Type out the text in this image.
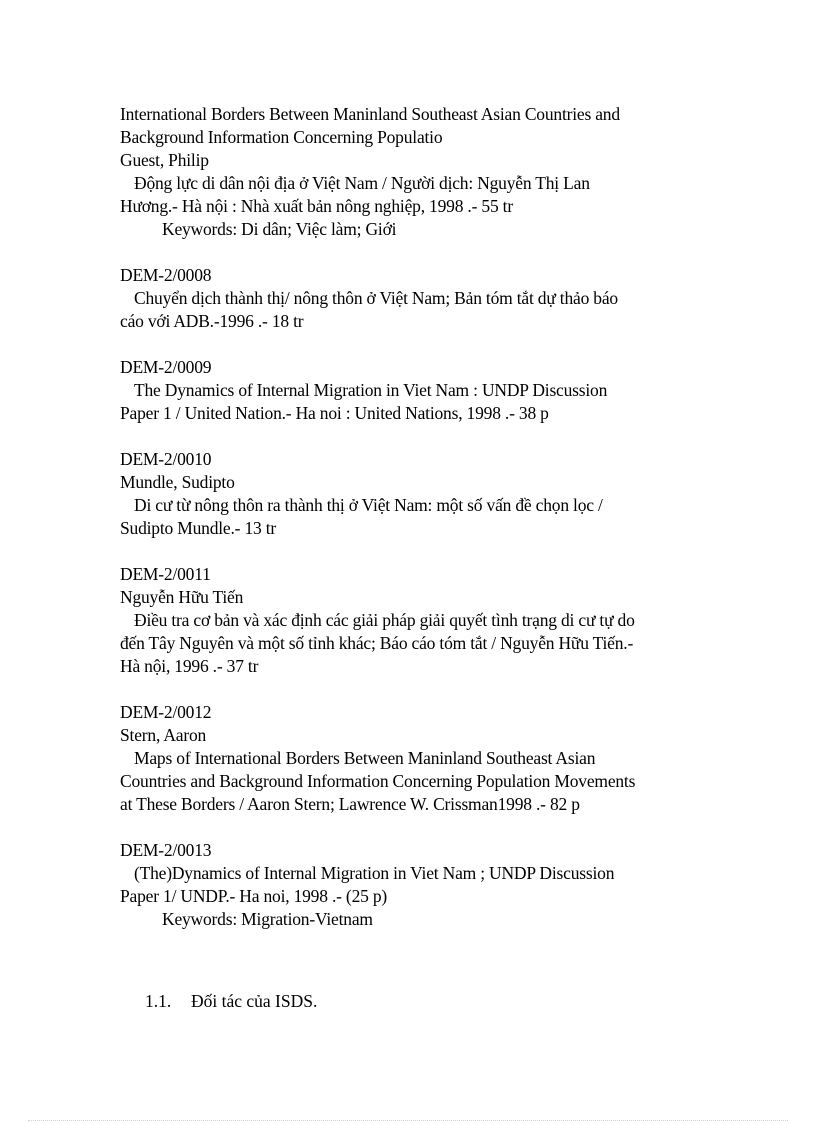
International Borders Between Maninland Southeast Asian Countries and
Background Information Concerning Populatio
Guest, Philip
Động lực di dân nội địa ở Việt Nam / Người dịch: Nguyễn Thị Lan
Hương.- Hà nội : Nhà xuất bản nông nghiệp, 1998 .- 55 tr
Keywords: Di dân; Việc làm; Giới
DEM-2/0008
Chuyển dịch thành thị/ nông thôn ở Việt Nam; Bản tóm tắt dự thảo báo
cáo với ADB.-1996 .- 18 tr
DEM-2/0009
The Dynamics of Internal Migration in Viet Nam : UNDP Discussion
Paper 1 / United Nation.- Ha noi : United Nations, 1998 .- 38 p
DEM-2/0010
Mundle, Sudipto
Di cư từ nông thôn ra thành thị ở Việt Nam: một số vấn đề chọn lọc /
Sudipto Mundle.- 13 tr
DEM-2/0011
Nguyễn Hữu Tiến
Điều tra cơ bản và xác định các giải pháp giải quyết tình trạng di cư tự do
đến Tây Nguyên và một số tỉnh khác; Báo cáo tóm tắt / Nguyễn Hữu Tiến.-
Hà nội, 1996 .- 37 tr
DEM-2/0012
Stern, Aaron
Maps of International Borders Between Maninland Southeast Asian
Countries and Background Information Concerning Population Movements
at These Borders / Aaron Stern; Lawrence W. Crissman1998 .- 82 p
DEM-2/0013
(The)Dynamics of Internal Migration in Viet Nam ; UNDP Discussion
Paper 1/ UNDP.- Ha noi, 1998 .- (25 p)
Keywords: Migration-Vietnam
1.1. Đối tác của ISDS.
